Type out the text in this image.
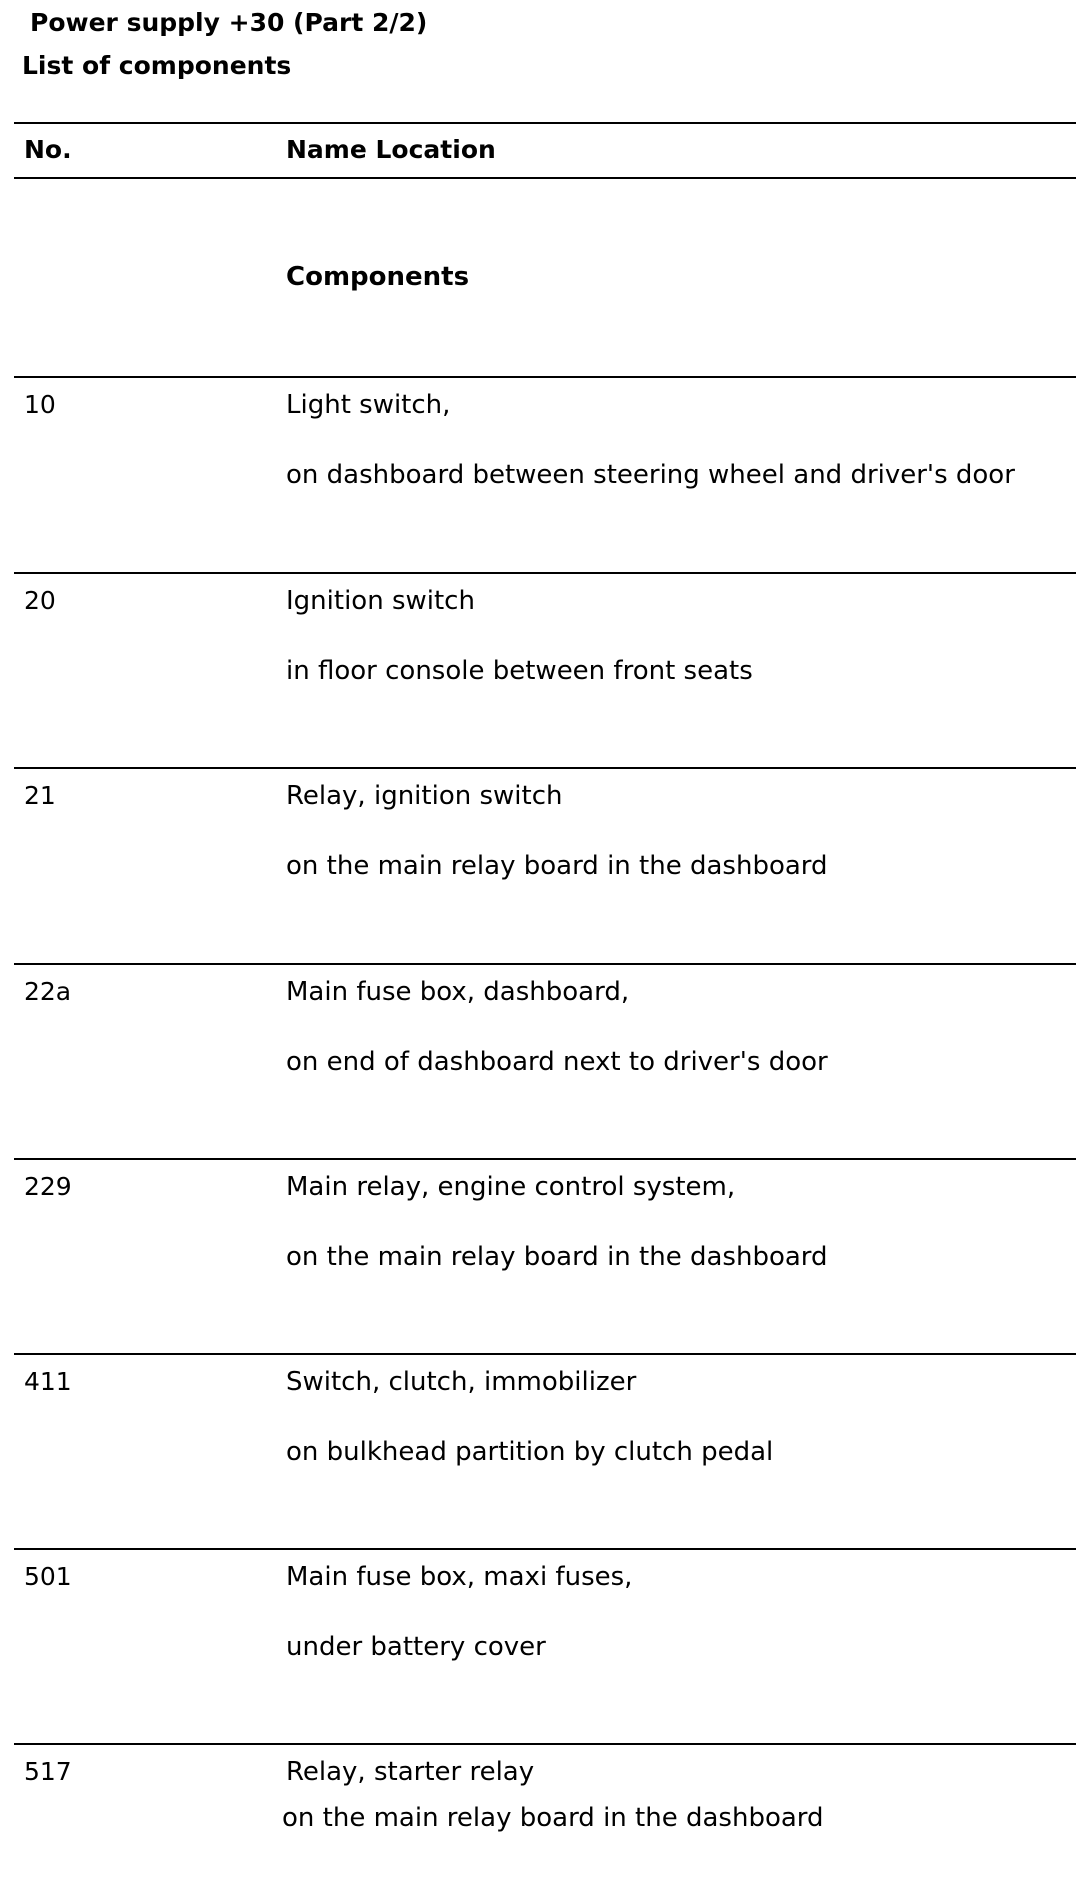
Power supply +30 (Part 2/2)
List of components
No.	Name Location
Components
10	Light switch,
on dashboard between steering wheel and driver's door
20	Ignition switch
in floor console between front seats
21	Relay, ignition switch
on the main relay board in the dashboard
22a	Main fuse box, dashboard,
on end of dashboard next to driver's door
229	Main relay, engine control system,
on the main relay board in the dashboard
411	Switch, clutch, immobilizer
on bulkhead partition by clutch pedal
501	Main fuse box, maxi fuses,
under battery cover
517	Relay, starter relay
on the main relay board in the dashboard
